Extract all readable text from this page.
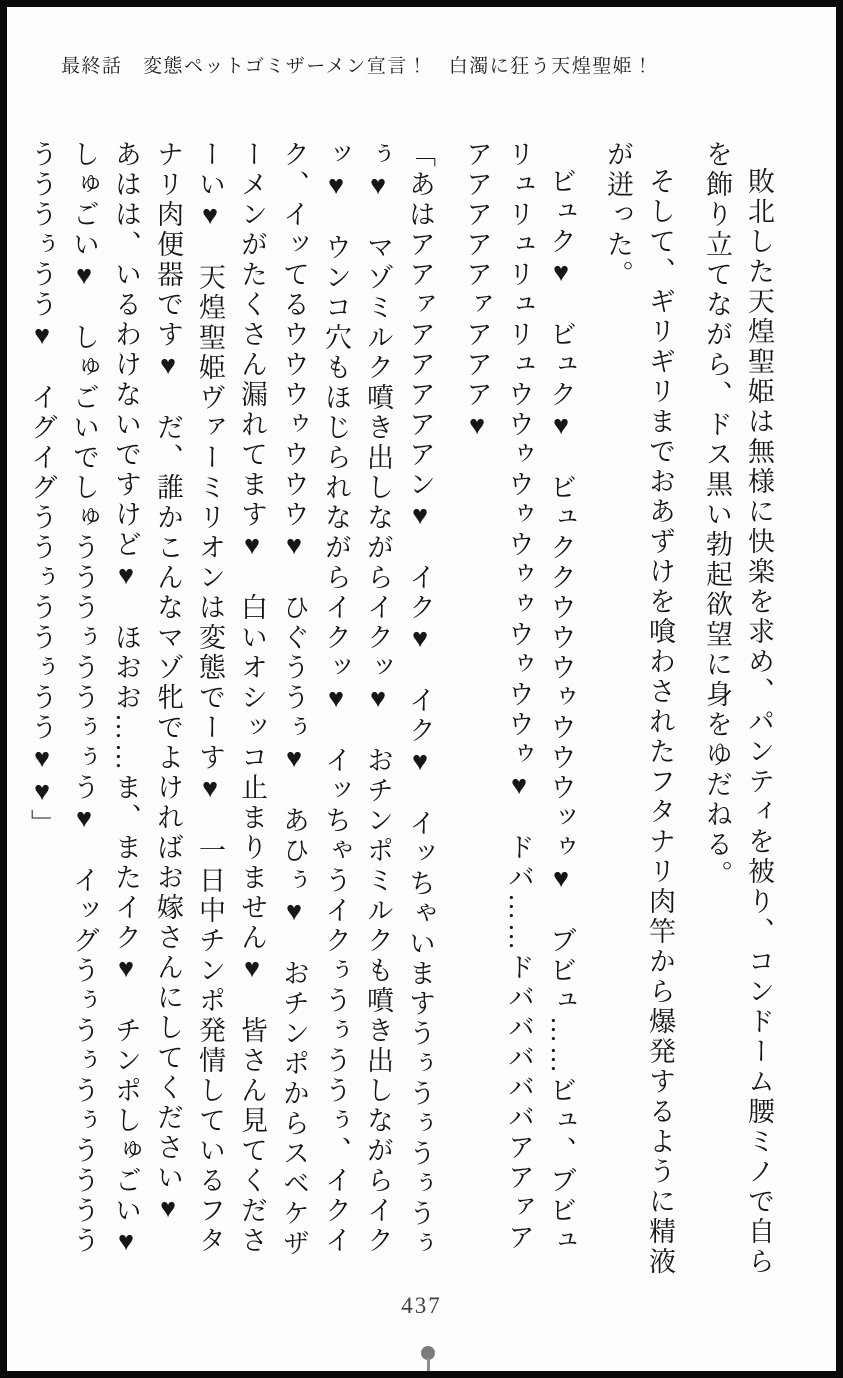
最終話　変態ペットゴミザーメン宣言！　白濁に狂う天煌聖姫！

敗北した天煌聖姫は無様に快楽を求め、パンティを被り、コンドーム腰ミノで自らを飾り立てながら、ドス黒い勃起欲望に身をゆだねる。

そして、ギリギリまでおあずけを喰わされたフタナリ肉竿から爆発するように精液が迸った。

ビュク♥　ビュク♥　ビュククウウウゥウウウッゥ♥　ブビュ……ビュ、ブビュリュリュリュリュウウゥウゥウゥゥウゥウウゥ♥　ドバ……ドバババババアアァアアアアアアァアアア♥

「あはアアァアアアアアン♥　イク♥　イク♥　イッちゃいますうぅうぅうぅうぅぅ♥　マゾミルク噴き出しながらイクッ♥　おチンポミルクも噴き出しながらイクッ♥　ウンコ穴もほじられながらイクッ♥　イッちゃうイクぅうぅううぅ、イクイク、イッてるウウウゥウウウ♥　ひぐううぅ♥　あひぅ♥　おチンポからスベケザーメンがたくさん漏れてます♥　白いオシッコ止まりません♥　皆さん見てくださーい♥　天煌聖姫ヴァーミリオンは変態でーす♥　一日中チンポ発情しているフタナリ肉便器です♥　だ、誰かこんなマゾ牝でよければお嫁さんにしてください♥　あはは、いるわけないですけど♥　ほおお……ま、またイク♥　チンポしゅごい♥　しゅごい♥　しゅごいでしゅうううぅううぅぅう♥　イッグうぅうぅうぅうううううううぅうう♥　イグイグううぅううぅうう♥♥」

437
